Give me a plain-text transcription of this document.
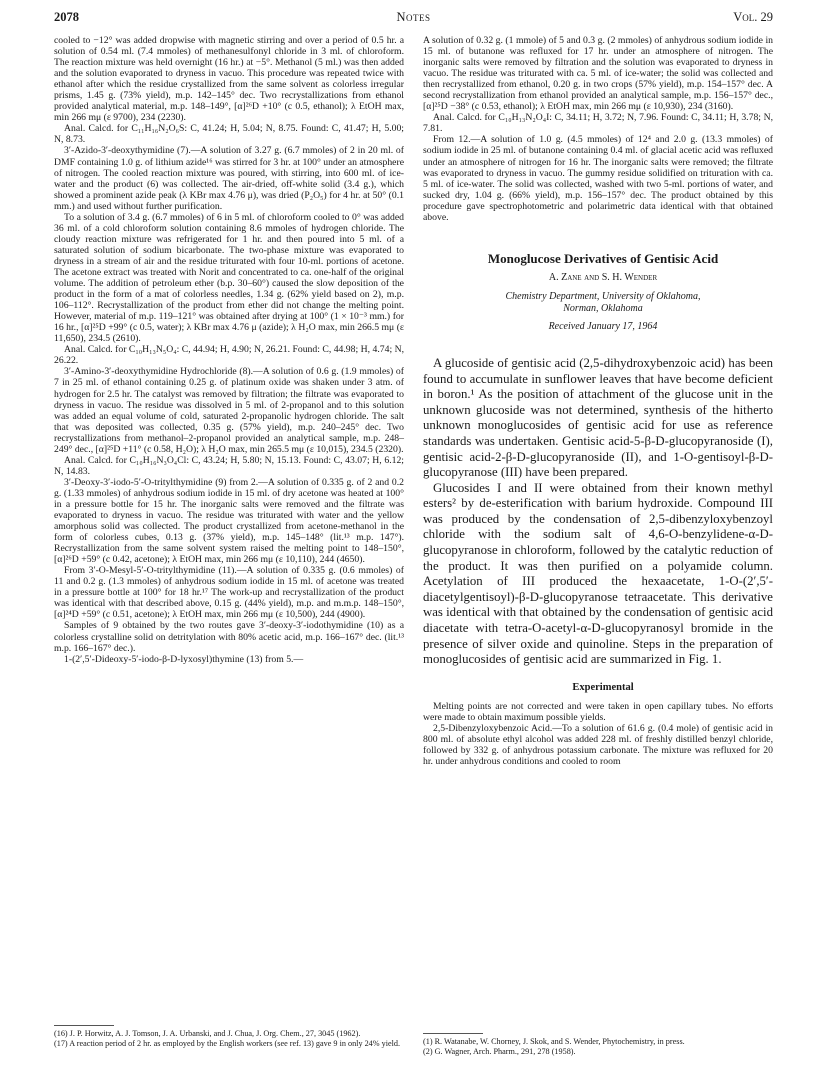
2078	Notes	Vol. 29

cooled to −12° was added dropwise with magnetic stirring and over a period of 0.5 hr. a solution of 0.54 ml. (7.4 mmoles) of methanesulfonyl chloride in 3 ml. of chloroform. The reaction mixture was held overnight (16 hr.) at −5°. Methanol (5 ml.) was then added and the solution evaporated to dryness in vacuo. This procedure was repeated twice with ethanol after which the residue crystallized from the same solvent as colorless irregular prisms, 1.45 g. (73% yield), m.p. 142–145° dec. Two recrystallizations from ethanol provided analytical material, m.p. 148–149°, [α]²⁶D +10° (c 0.5, ethanol); λ EtOH max, min 266 mμ (ε 9700), 234 (2230).

Anal. Calcd. for C₁₁H₁₆N₂O₆S: C, 41.24; H, 5.04; N, 8.75. Found: C, 41.47; H, 5.00; N, 8.73.

3′-Azido-3′-deoxythymidine (7).—A solution of 3.27 g. (6.7 mmoles) of 2 in 20 ml. of DMF containing 1.0 g. of lithium azide¹⁶ was stirred for 3 hr. at 100° under an atmosphere of nitrogen. The cooled reaction mixture was poured, with stirring, into 600 ml. of ice-water and the product (6) was collected. The air-dried, off-white solid (3.4 g.), which showed a prominent azide peak (λ KBr max 4.76 μ), was dried (P₂O₅) for 4 hr. at 50° (0.1 mm.) and used without further purification.

To a solution of 3.4 g. (6.7 mmoles) of 6 in 5 ml. of chloroform cooled to 0° was added 36 ml. of a cold chloroform solution containing 8.6 mmoles of hydrogen chloride. The cloudy reaction mixture was refrigerated for 1 hr. and then poured into 5 ml. of a saturated solution of sodium bicarbonate. The two-phase mixture was evaporated to dryness in a stream of air and the residue triturated with four 10-ml. portions of acetone. The acetone extract was treated with Norit and concentrated to ca. one-half of the original volume. The addition of petroleum ether (b.p. 30–60°) caused the slow deposition of the product in the form of a mat of colorless needles, 1.34 g. (62% yield based on 2), m.p. 106–112°. Recrystallization of the product from ether did not change the melting point. However, material of m.p. 119–121° was obtained after drying at 100° (1 × 10⁻³ mm.) for 16 hr., [α]²⁵D +99° (c 0.5, water); λ KBr max 4.76 μ (azide); λ H₂O max, min 266.5 mμ (ε 11,650), 234.5 (2610).

Anal. Calcd. for C₁₀H₁₃N₅O₄: C, 44.94; H, 4.90; N, 26.21. Found: C, 44.98; H, 4.74; N, 26.22.

3′-Amino-3′-deoxythymidine Hydrochloride (8).—A solution of 0.6 g. (1.9 mmoles) of 7 in 25 ml. of ethanol containing 0.25 g. of platinum oxide was shaken under 3 atm. of hydrogen for 2.5 hr. The catalyst was removed by filtration; the filtrate was evaporated to dryness in vacuo. The residue was dissolved in 5 ml. of 2-propanol and to this solution was added an equal volume of cold, saturated 2-propanolic hydrogen chloride. The salt that was deposited was collected, 0.35 g. (57% yield), m.p. 240–245° dec. Two recrystallizations from methanol–2-propanol provided an analytical sample, m.p. 248–249° dec., [α]²⁵D +11° (c 0.58, H₂O); λ H₂O max, min 265.5 mμ (ε 10,015), 234.5 (2320).

Anal. Calcd. for C₁₀H₁₆N₃O₄Cl: C, 43.24; H, 5.80; N, 15.13. Found: C, 43.07; H, 6.12; N, 14.83.

3′-Deoxy-3′-iodo-5′-O-tritylthymidine (9) from 2.—A solution of 0.335 g. of 2 and 0.2 g. (1.33 mmoles) of anhydrous sodium iodide in 15 ml. of dry acetone was heated at 100° in a pressure bottle for 15 hr. The inorganic salts were removed and the filtrate was evaporated to dryness in vacuo. The residue was triturated with water and the yellow amorphous solid was collected. The product crystallized from acetone-methanol in the form of colorless cubes, 0.13 g. (37% yield), m.p. 145–148° (lit.¹³ m.p. 147°). Recrystallization from the same solvent system raised the melting point to 148–150°, [α]²⁶D +59° (c 0.42, acetone); λ EtOH max, min 266 mμ (ε 10,110), 244 (4650).

From 3′-O-Mesyl-5′-O-tritylthymidine (11).—A solution of 0.335 g. (0.6 mmoles) of 11 and 0.2 g. (1.3 mmoles) of anhydrous sodium iodide in 15 ml. of acetone was treated in a pressure bottle at 100° for 18 hr.¹⁷ The work-up and recrystallization of the product was identical with that described above, 0.15 g. (44% yield), m.p. and m.m.p. 148–150°, [α]²⁴D +59° (c 0.51, acetone); λ EtOH max, min 266 mμ (ε 10,500), 244 (4900).

Samples of 9 obtained by the two routes gave 3′-deoxy-3′-iodothymidine (10) as a colorless crystalline solid on detritylation with 80% acetic acid, m.p. 166–167° dec. (lit.¹³ m.p. 166–167° dec.).

1-(2′,5′-Dideoxy-5′-iodo-β-D-lyxosyl)thymine (13) from 5.—

(16) J. P. Horwitz, A. J. Tomson, J. A. Urbanski, and J. Chua, J. Org. Chem., 27, 3045 (1962).

(17) A reaction period of 2 hr. as employed by the English workers (see ref. 13) gave 9 in only 24% yield.

A solution of 0.32 g. (1 mmole) of 5 and 0.3 g. (2 mmoles) of anhydrous sodium iodide in 15 ml. of butanone was refluxed for 17 hr. under an atmosphere of nitrogen. The inorganic salts were removed by filtration and the solution was evaporated to dryness in vacuo. The residue was triturated with ca. 5 ml. of ice-water; the solid was collected and then recrystallized from ethanol, 0.20 g. in two crops (57% yield), m.p. 154–157° dec. A second recrystallization from ethanol provided an analytical sample, m.p. 156–157° dec., [α]²⁵D −38° (c 0.53, ethanol); λ EtOH max, min 266 mμ (ε 10,930), 234 (3160).

Anal. Calcd. for C₁₀H₁₃N₂O₄I: C, 34.11; H, 3.72; N, 7.96. Found: C, 34.11; H, 3.78; N, 7.81.

From 12.—A solution of 1.0 g. (4.5 mmoles) of 12⁴ and 2.0 g. (13.3 mmoles) of sodium iodide in 25 ml. of butanone containing 0.4 ml. of glacial acetic acid was refluxed under an atmosphere of nitrogen for 16 hr. The inorganic salts were removed; the filtrate was evaporated to dryness in vacuo. The gummy residue solidified on trituration with ca. 5 ml. of ice-water. The solid was collected, washed with two 5-ml. portions of water, and sucked dry, 1.04 g. (66% yield), m.p. 156–157° dec. The product obtained by this procedure gave spectrophotometric and polarimetric data identical with that obtained above.

Monoglucose Derivatives of Gentisic Acid

A. Zane and S. H. Wender

Chemistry Department, University of Oklahoma,

Norman, Oklahoma

Received January 17, 1964

A glucoside of gentisic acid (2,5-dihydroxybenzoic acid) has been found to accumulate in sunflower leaves that have become deficient in boron.¹ As the position of attachment of the glucose unit in the unknown glucoside was not determined, synthesis of the hitherto unknown monoglucosides of gentisic acid for use as reference standards was undertaken. Gentisic acid-5-β-D-glucopyranoside (I), gentisic acid-2-β-D-glucopyranoside (II), and 1-O-gentisoyl-β-D-glucopyranose (III) have been prepared.

Glucosides I and II were obtained from their known methyl esters² by de-esterification with barium hydroxide. Compound III was produced by the condensation of 2,5-dibenzyloxybenzoyl chloride with the sodium salt of 4,6-O-benzylidene-α-D-glucopyranose in chloroform, followed by the catalytic reduction of the product. It was then purified on a polyamide column. Acetylation of III produced the hexaacetate, 1-O-(2′,5′-diacetylgentisoyl)-β-D-glucopyranose tetraacetate. This derivative was identical with that obtained by the condensation of gentisic acid diacetate with tetra-O-acetyl-α-D-glucopyranosyl bromide in the presence of silver oxide and quinoline. Steps in the preparation of monoglucosides of gentisic acid are summarized in Fig. 1.

Experimental

Melting points are not corrected and were taken in open capillary tubes. No efforts were made to obtain maximum possible yields.

2,5-Dibenzyloxybenzoic Acid.—To a solution of 61.6 g. (0.4 mole) of gentisic acid in 800 ml. of absolute ethyl alcohol was added 228 ml. of freshly distilled benzyl chloride, followed by 332 g. of anhydrous potassium carbonate. The mixture was refluxed for 20 hr. under anhydrous conditions and cooled to room

(1) R. Watanabe, W. Chorney, J. Skok, and S. Wender, Phytochemistry, in press.

(2) G. Wagner, Arch. Pharm., 291, 278 (1958).
